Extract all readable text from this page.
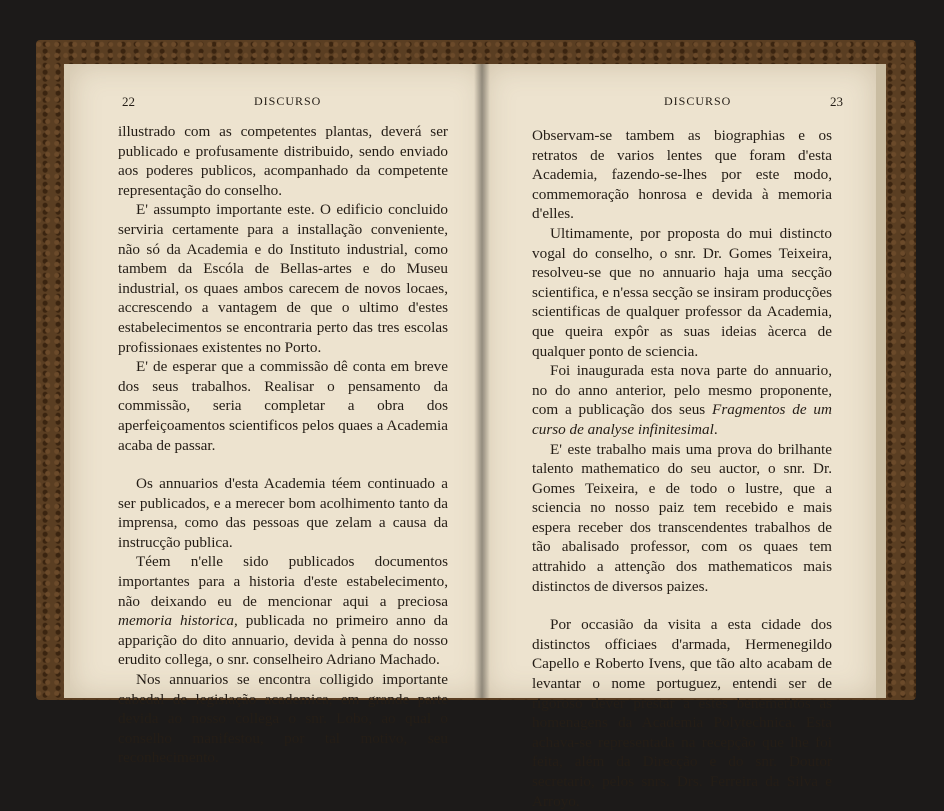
22	DISCURSO

illustrado com as competentes plantas, deverá ser publicado e profusamente distribuido, sendo enviado aos poderes publicos, acompanhado da competente representação do conselho.

E' assumpto importante este. O edificio concluido serviria certamente para a installação conveniente, não só da Academia e do Instituto industrial, como tambem da Escóla de Bellas-artes e do Museu industrial, os quaes ambos carecem de novos locaes, accrescendo a vantagem de que o ultimo d'estes estabelecimentos se encontraria perto das tres escolas profissionaes existentes no Porto.

E' de esperar que a commissão dê conta em breve dos seus trabalhos. Realisar o pensamento da commissão, seria completar a obra dos aperfeiçoamentos scientificos pelos quaes a Academia acaba de passar.

Os annuarios d'esta Academia téem continuado a ser publicados, e a merecer bom acolhimento tanto da imprensa, como das pessoas que zelam a causa da instrucção publica.

Téem n'elle sido publicados documentos importantes para a historia d'este estabelecimento, não deixando eu de mencionar aqui a preciosa memoria historica, publicada no primeiro anno da apparição do dito annuario, devida à penna do nosso erudito collega, o snr. conselheiro Adriano Machado.

Nos annuarios se encontra colligido importante cabedal de legislação academica, em grande parte devida ao nosso collega o snr. Lobo, ao qual o conselho manifestou, por tal motivo, seu reconhecimento.

DISCURSO	23

Observam-se tambem as biographias e os retratos de varios lentes que foram d'esta Academia, fazendo-se-lhes por este modo, commemoração honrosa e devida à memoria d'elles.

Ultimamente, por proposta do mui distincto vogal do conselho, o snr. Dr. Gomes Teixeira, resolveu-se que no annuario haja uma secção scientifica, e n'essa secção se insiram producções scientificas de qualquer professor da Academia, que queira expôr as suas ideias àcerca de qualquer ponto de sciencia.

Foi inaugurada esta nova parte do annuario, no do anno anterior, pelo mesmo proponente, com a publicação dos seus Fragmentos de um curso de analyse infinitesimal.

E' este trabalho mais uma prova do brilhante talento mathematico do seu auctor, o snr. Dr. Gomes Teixeira, e de todo o lustre, que a sciencia no nosso paiz tem recebido e mais espera receber dos transcendentes trabalhos de tão abalisado professor, com os quaes tem attrahido a attenção dos mathematicos mais distinctos de diversos paizes.

Por occasião da visita a esta cidade dos distinctos officiaes d'armada, Hermenegildo Capello e Roberto Ivens, que tão alto acabam de levantar o nome portuguez, entendi ser de rigoroso dever prestar a estes benemeritos as homenagens da Academia Polytechnica. Esta achava-se representada na recepção que lhe foi feita, além da Direcção e do snr. Doutor secretario, pelos snrs. Drs. Ferreira da Silva e Arroyo.
